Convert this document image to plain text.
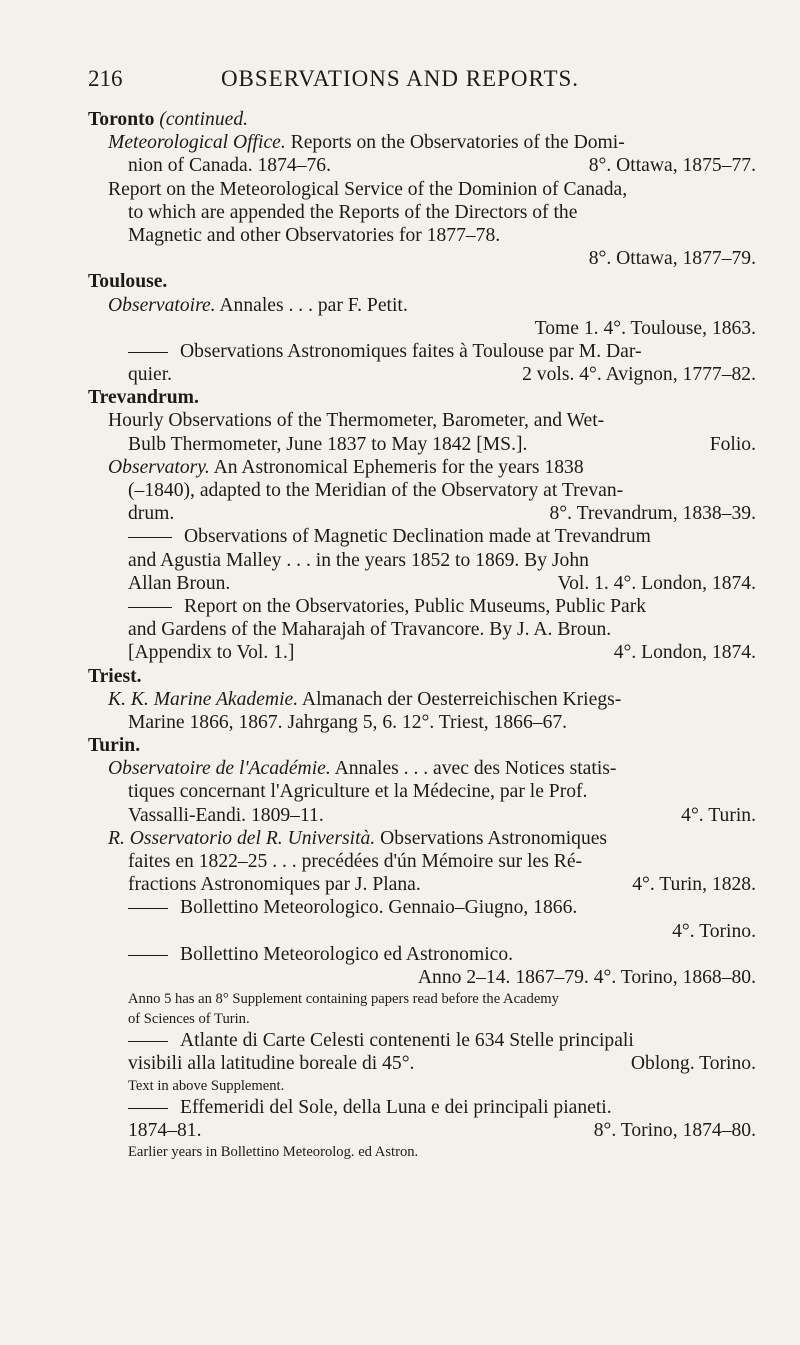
216	OBSERVATIONS AND REPORTS.
Toronto (continued.
Meteorological Office. Reports on the Observatories of the Domi-
nion of Canada. 1874–76.	8°. Ottawa, 1875–77.
Report on the Meteorological Service of the Dominion of Canada,
to which are appended the Reports of the Directors of the
Magnetic and other Observatories for 1877–78.
8°. Ottawa, 1877–79.
Toulouse.
Observatoire. Annales . . . par F. Petit.
Tome 1. 4°. Toulouse, 1863.
Observations Astronomiques faites à Toulouse par M. Dar-
quier.	2 vols. 4°. Avignon, 1777–82.
Trevandrum.
Hourly Observations of the Thermometer, Barometer, and Wet-
Bulb Thermometer, June 1837 to May 1842 [MS.].	Folio.
Observatory. An Astronomical Ephemeris for the years 1838
(–1840), adapted to the Meridian of the Observatory at Trevan-
drum.	8°. Trevandrum, 1838–39.
Observations of Magnetic Declination made at Trevandrum
and Agustia Malley . . . in the years 1852 to 1869. By John
Allan Broun.	Vol. 1. 4°. London, 1874.
Report on the Observatories, Public Museums, Public Park
and Gardens of the Maharajah of Travancore. By J. A. Broun.
[Appendix to Vol. 1.]	4°. London, 1874.
Triest.
K. K. Marine Akademie. Almanach der Oesterreichischen Kriegs-
Marine 1866, 1867. Jahrgang 5, 6. 12°. Triest, 1866–67.
Turin.
Observatoire de l'Académie. Annales . . . avec des Notices statis-
tiques concernant l'Agriculture et la Médecine, par le Prof.
Vassalli-Eandi. 1809–11.	4°. Turin.
R. Osservatorio del R. Università. Observations Astronomiques
faites en 1822–25 . . . precédées d'ún Mémoire sur les Ré-
fractions Astronomiques par J. Plana.	4°. Turin, 1828.
Bollettino Meteorologico. Gennaio–Giugno, 1866.
4°. Torino.
Bollettino Meteorologico ed Astronomico.
Anno 2–14. 1867–79. 4°. Torino, 1868–80.
Anno 5 has an 8° Supplement containing papers read before the Academy
of Sciences of Turin.
Atlante di Carte Celesti contenenti le 634 Stelle principali
visibili alla latitudine boreale di 45°.	Oblong. Torino.
Text in above Supplement.
Effemeridi del Sole, della Luna e dei principali pianeti.
1874–81.	8°. Torino, 1874–80.
Earlier years in Bollettino Meteorolog. ed Astron.
